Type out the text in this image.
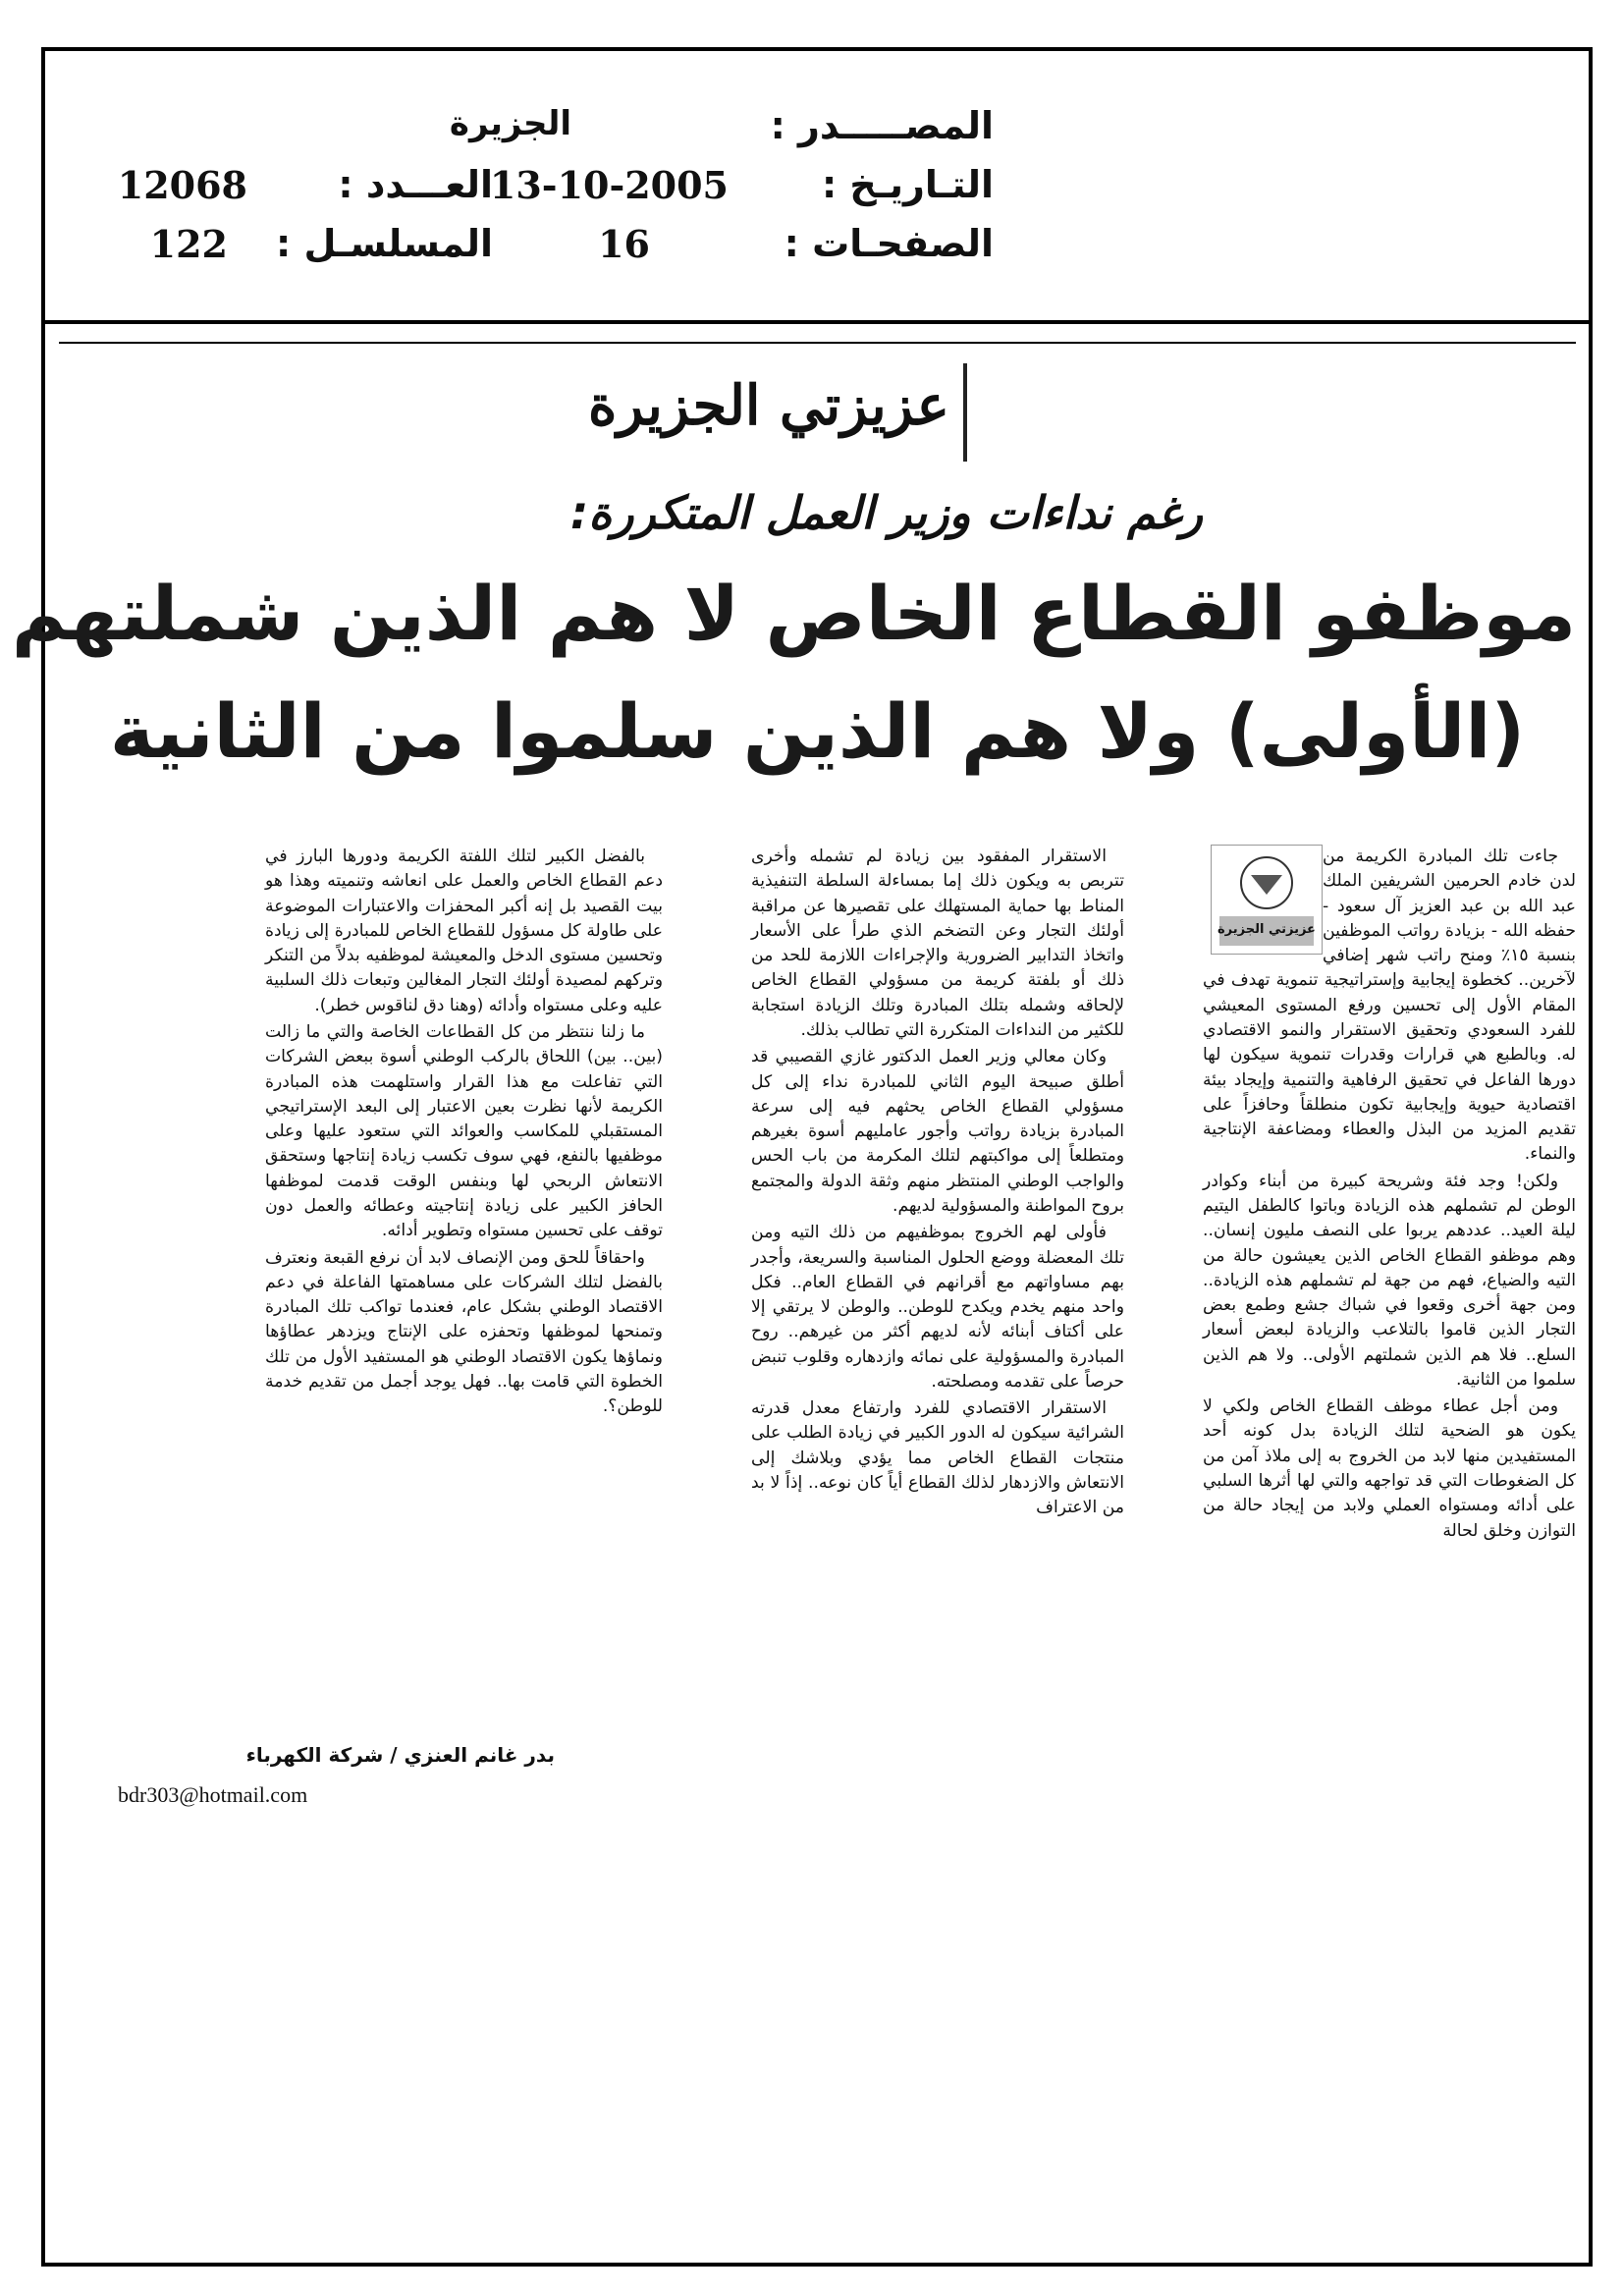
المصـــــدر :
الجزيرة
التـاريـخ :
13-10-2005
العـــدد :
12068
الصفحـات :
16
المسلسـل :
122
عزيزتي الجزيرة
رغم نداءات وزير العمل المتكررة:
موظفو القطاع الخاص لا هم الذين شملتهم
(الأولى) ولا هم الذين سلموا من الثانية
عزيزتي الجزيرة

جاءت تلك المبادرة الكريمة من لدن خادم الحرمين الشريفين الملك عبد الله بن عبد العزيز آل سعود - حفظه الله - بزيادة رواتب الموظفين بنسبة ١٥٪ ومنح راتب شهر إضافي لآخرين.. كخطوة إيجابية وإستراتيجية تنموية تهدف في المقام الأول إلى تحسين ورفع المستوى المعيشي للفرد السعودي وتحقيق الاستقرار والنمو الاقتصادي له. وبالطبع هي قرارات وقدرات تنموية سيكون لها دورها الفاعل في تحقيق الرفاهية والتنمية وإيجاد بيئة اقتصادية حيوية وإيجابية تكون منطلقاً وحافزاً على تقديم المزيد من البذل والعطاء ومضاعفة الإنتاجية والنماء.

ولكن! وجد فئة وشريحة كبيرة من أبناء وكوادر الوطن لم تشملهم هذه الزيادة وباتوا كالطفل اليتيم ليلة العيد.. عددهم يربوا على النصف مليون إنسان.. وهم موظفو القطاع الخاص الذين يعيشون حالة من التيه والضياع، فهم من جهة لم تشملهم هذه الزيادة.. ومن جهة أخرى وقعوا في شباك جشع وطمع بعض التجار الذين قاموا بالتلاعب والزيادة لبعض أسعار السلع.. فلا هم الذين شملتهم الأولى.. ولا هم الذين سلموا من الثانية.

ومن أجل عطاء موظف القطاع الخاص ولكي لا يكون هو الضحية لتلك الزيادة بدل كونه أحد المستفيدين منها لابد من الخروج به إلى ملاذ آمن من كل الضغوطات التي قد تواجهه والتي لها أثرها السلبي على أدائه ومستواه العملي ولابد من إيجاد حالة من التوازن وخلق لحالة

الاستقرار المفقود بين زيادة لم تشمله وأخرى تتربص به ويكون ذلك إما بمساءلة السلطة التنفيذية المناط بها حماية المستهلك على تقصيرها عن مراقبة أولئك التجار وعن التضخم الذي طرأ على الأسعار واتخاذ التدابير الضرورية والإجراءات اللازمة للحد من ذلك أو بلفتة كريمة من مسؤولي القطاع الخاص لإلحاقه وشمله بتلك المبادرة وتلك الزيادة استجابة للكثير من النداءات المتكررة التي تطالب بذلك.

وكان معالي وزير العمل الدكتور غازي القصيبي قد أطلق صبيحة اليوم الثاني للمبادرة نداء إلى كل مسؤولي القطاع الخاص يحثهم فيه إلى سرعة المبادرة بزيادة رواتب وأجور عامليهم أسوة بغيرهم ومتطلعاً إلى مواكبتهم لتلك المكرمة من باب الحس والواجب الوطني المنتظر منهم وثقة الدولة والمجتمع بروح المواطنة والمسؤولية لديهم.

فأولى لهم الخروج بموظفيهم من ذلك التيه ومن تلك المعضلة ووضع الحلول المناسبة والسريعة، وأجدر بهم مساواتهم مع أقرانهم في القطاع العام.. فكل واحد منهم يخدم ويكدح للوطن.. والوطن لا يرتقي إلا على أكتاف أبنائه لأنه لديهم أكثر من غيرهم.. روح المبادرة والمسؤولية على نمائه وازدهاره وقلوب تنبض حرصاً على تقدمه ومصلحته.

الاستقرار الاقتصادي للفرد وارتفاع معدل قدرته الشرائية سيكون له الدور الكبير في زيادة الطلب على منتجات القطاع الخاص مما يؤدي وبلاشك إلى الانتعاش والازدهار لذلك القطاع أياً كان نوعه.. إذاً لا بد من الاعتراف

بالفضل الكبير لتلك اللفتة الكريمة ودورها البارز في دعم القطاع الخاص والعمل على انعاشه وتنميته وهذا هو بيت القصيد بل إنه أكبر المحفزات والاعتبارات الموضوعة على طاولة كل مسؤول للقطاع الخاص للمبادرة إلى زيادة وتحسين مستوى الدخل والمعيشة لموظفيه بدلاً من التنكر وتركهم لمصيدة أولئك التجار المغالين وتبعات ذلك السلبية عليه وعلى مستواه وأدائه (وهنا دق لناقوس خطر).

ما زلنا ننتظر من كل القطاعات الخاصة والتي ما زالت (بين.. بين) اللحاق بالركب الوطني أسوة ببعض الشركات التي تفاعلت مع هذا القرار واستلهمت هذه المبادرة الكريمة لأنها نظرت بعين الاعتبار إلى البعد الإستراتيجي المستقبلي للمكاسب والعوائد التي ستعود عليها وعلى موظفيها بالنفع، فهي سوف تكسب زيادة إنتاجها وستحقق الانتعاش الربحي لها وبنفس الوقت قدمت لموظفها الحافز الكبير على زيادة إنتاجيته وعطائه والعمل دون توقف على تحسين مستواه وتطوير أدائه.

واحقاقاً للحق ومن الإنصاف لابد أن نرفع القبعة ونعترف بالفضل لتلك الشركات على مساهمتها الفاعلة في دعم الاقتصاد الوطني بشكل عام، فعندما تواكب تلك المبادرة وتمنحها لموظفها وتحفزه على الإنتاج ويزدهر عطاؤها ونماؤها يكون الاقتصاد الوطني هو المستفيد الأول من تلك الخطوة التي قامت بها.. فهل يوجد أجمل من تقديم خدمة للوطن؟.

بدر غانم العنزي / شركة الكهرباء
bdr303@hotmail.com
